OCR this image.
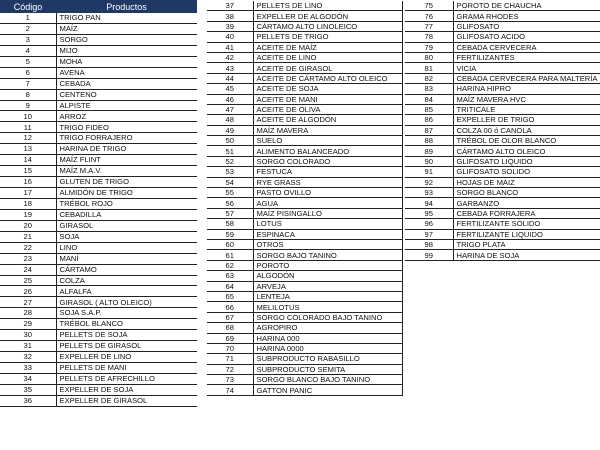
Código	Productos
1	TRIGO PAN
2	MAÍZ
3	SORGO
4	MIJO
5	MOHA
6	AVENA
7	CEBADA
8	CENTENO
9	ALPISTE
10	ARROZ
11	TRIGO FIDEO
12	TRIGO FORRAJERO
13	HARINA DE TRIGO
14	MAÍZ FLINT
15	MAÍZ M.A.V.
16	GLUTEN DE TRIGO
17	ALMIDÓN DE TRIGO
18	TRÉBOL ROJO
19	CEBADILLA
20	GIRASOL
21	SOJA
22	LINO
23	MANÍ
24	CÁRTAMO
25	COLZA
26	ALFALFA
27	GIRASOL ( ALTO OLEICO)
28	SOJA S.A.P.
29	TRÉBOL BLANCO
30	PELLETS DE SOJA
31	PELLETS DE GIRASOL
32	EXPELLER DE LINO
33	PELLETS DE MANI
34	PELLETS DE AFRECHILLO
35	EXPELLER DE SOJA
36	EXPELLER DE GIRASOL
37	PELLETS DE LINO
38	EXPELLER DE ALGODÓN
39	CÁRTAMO ALTO LINOLEICO
40	PELLETS DE TRIGO
41	ACEITE DE MAÍZ
42	ACEITE DE LINO
43	ACEITE DE GIRASOL
44	ACEITE DE CÁRTAMO ALTO OLEICO
45	ACEITE DE SOJA
46	ACEITE DE MANI
47	ACEITE DE OLIVA
48	ACEITE DE ALGODÓN
49	MAÍZ MAVERA
50	SUELO
51	ALIMENTO BALANCEADO
52	SORGO COLORADO
53	FESTUCA
54	RYE GRASS
55	PASTO OVILLO
56	AGUA
57	MAÍZ PISINGALLO
58	LOTUS
59	ESPINACA
60	OTROS
61	SORGO BAJO TANINO
62	POROTO
63	ALGODÓN
64	ARVEJA
65	LENTEJA
66	MELILOTUS
67	SORGO COLORADO BAJO TANINO
68	AGROPIRO
69	HARINA 000
70	HARINA 0000
71	SUBPRODUCTO RABASILLO
72	SUBPRODUCTO SEMITA
73	SORGO BLANCO BAJO TANINO
74	GATTON PANIC
75	POROTO DE CHAUCHA
76	GRAMA RHODES
77	GLIFOSATO
78	GLIFOSATO ACIDO
79	CEBADA CERVECERA
80	FERTILIZANTES
81	VICIA
82	CEBADA CERVECERA PARA MALTERÍA
83	HARINA HIPRO
84	MAÍZ MAVERA HVC
85	TRITICALE
86	EXPELLER DE TRIGO
87	COLZA 00 ó CANOLA
88	TRÉBOL DE OLOR BLANCO
89	CÁRTAMO ALTO OLEICO
90	GLIFOSATO LIQUIDO
91	GLIFOSATO SOLIDO
92	HOJAS DE MAIZ
93	SORGO BLANCO
94	GARBANZO
95	CEBADA FORRAJERA
96	FERTILIZANTE SÓLIDO
97	FERTILIZANTE LIQUIDO
98	TRIGO PLATA
99	HARINA DE SOJA
